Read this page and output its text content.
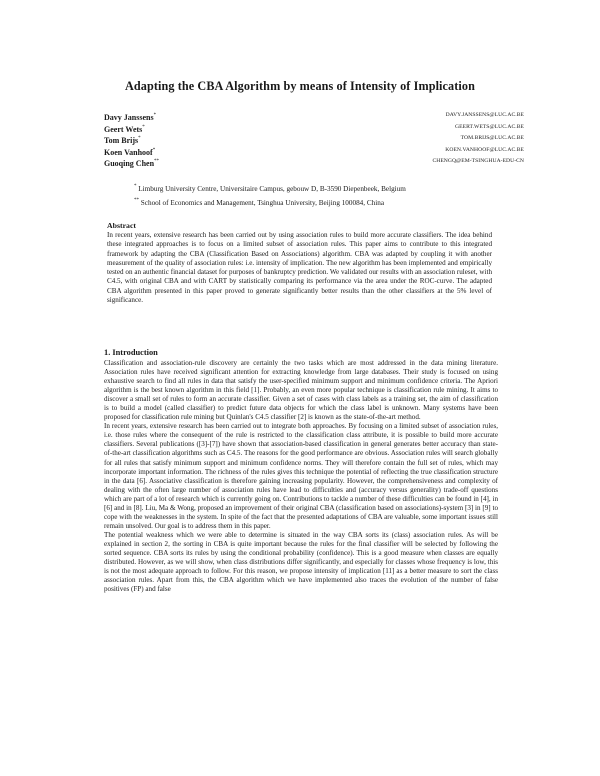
Adapting the CBA Algorithm by means of Intensity of Implication
Davy Janssens*	DAVY.JANSSENS@LUC.AC.BE
Geert Wets*	GEERT.WETS@LUC.AC.BE
Tom Brijs*	TOM.BRIJS@LUC.AC.BE
Koen Vanhoof*	KOEN.VANHOOF@LUC.AC.BE
Guoqing Chen**	CHENGQ@EM-TSINGHUA-EDU-CN
* Limburg University Centre, Universitaire Campus, gebouw D, B-3590 Diepenbeek, Belgium
** School of Economics and Management, Tsinghua University, Beijing 100084, China

Abstract

In recent years, extensive research has been carried out by using association rules to build more accurate classifiers. The idea behind these integrated approaches is to focus on a limited subset of association rules. This paper aims to contribute to this integrated framework by adapting the CBA (Classification Based on Associations) algorithm. CBA was adapted by coupling it with another measurement of the quality of association rules: i.e. intensity of implication. The new algorithm has been implemented and empirically tested on an authentic financial dataset for purposes of bankruptcy prediction. We validated our results with an association ruleset, with C4.5, with original CBA and with CART by statistically comparing its performance via the area under the ROC-curve. The adapted CBA algorithm presented in this paper proved to generate significantly better results than the other classifiers at the 5% level of significance.

1. Introduction

Classification and association-rule discovery are certainly the two tasks which are most addressed in the data mining literature. Association rules have received significant attention for extracting knowledge from large databases. Their study is focused on using exhaustive search to find all rules in data that satisfy the user-specified minimum support and minimum confidence criteria. The Apriori algorithm is the best known algorithm in this field [1]. Probably, an even more popular technique is classification rule mining. It aims to discover a small set of rules to form an accurate classifier. Given a set of cases with class labels as a training set, the aim of classification is to build a model (called classifier) to predict future data objects for which the class label is unknown. Many systems have been proposed for classification rule mining but Quinlan's C4.5 classifier [2] is known as the state-of-the-art method.

In recent years, extensive research has been carried out to integrate both approaches. By focusing on a limited subset of association rules, i.e. those rules where the consequent of the rule is restricted to the classification class attribute, it is possible to build more accurate classifiers. Several publications ([3]-[7]) have shown that association-based classification in general generates better accuracy than state-of-the-art classification algorithms such as C4.5. The reasons for the good performance are obvious. Association rules will search globally for all rules that satisfy minimum support and minimum confidence norms. They will therefore contain the full set of rules, which may incorporate important information. The richness of the rules gives this technique the potential of reflecting the true classification structure in the data [6]. Associative classification is therefore gaining increasing popularity. However, the comprehensiveness and complexity of dealing with the often large number of association rules have lead to difficulties and (accuracy versus generality) trade-off questions which are part of a lot of research which is currently going on. Contributions to tackle a number of these difficulties can be found in [4], in [6] and in [8]. Liu, Ma & Wong, proposed an improvement of their original CBA (classification based on associations)-system [3] in [9] to cope with the weaknesses in the system. In spite of the fact that the presented adaptations of CBA are valuable, some important issues still remain unsolved. Our goal is to address them in this paper.

The potential weakness which we were able to determine is situated in the way CBA sorts its (class) association rules. As will be explained in section 2, the sorting in CBA is quite important because the rules for the final classifier will be selected by following the sorted sequence. CBA sorts its rules by using the conditional probability (confidence). This is a good measure when classes are equally distributed. However, as we will show, when class distributions differ significantly, and especially for classes whose frequency is low, this is not the most adequate approach to follow. For this reason, we propose intensity of implication [11] as a better measure to sort the class association rules. Apart from this, the CBA algorithm which we have implemented also traces the evolution of the number of false positives (FP) and false
